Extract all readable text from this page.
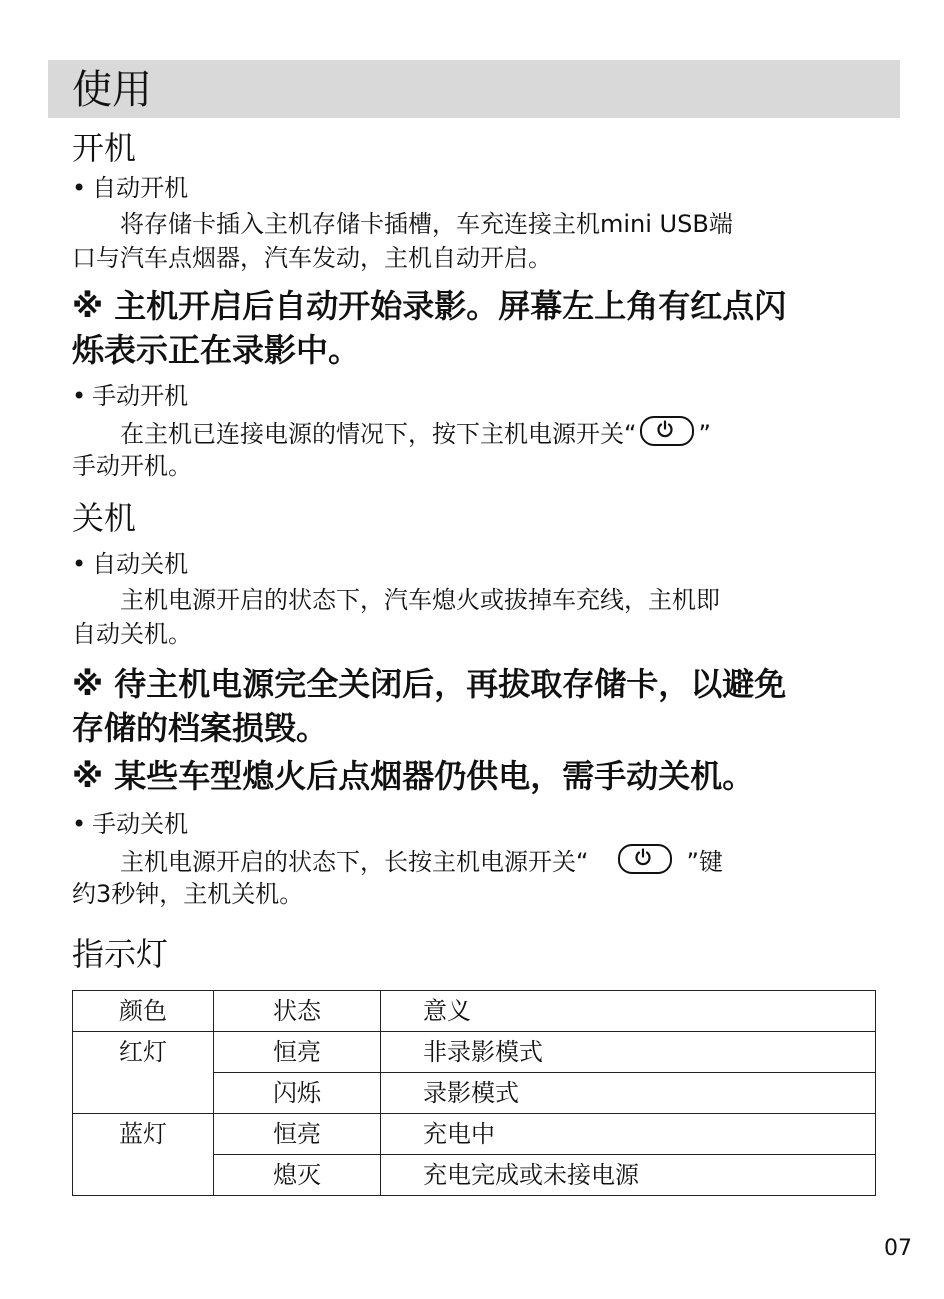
使用
开机
• 自动开机
将存储卡插入主机存储卡插槽，车充连接主机mini USB端
口与汽车点烟器，汽车发动，主机自动开启。
※ 主机开启后自动开始录影。屏幕左上角有红点闪
烁表示正在录影中。
• 手动开机
在主机已连接电源的情况下，按下主机电源开关“	”
手动开机。
关机
• 自动关机
主机电源开启的状态下，汽车熄火或拔掉车充线，主机即
自动关机。
※ 待主机电源完全关闭后，再拔取存储卡，以避免
存储的档案损毁。
※ 某些车型熄火后点烟器仍供电，需手动关机。
• 手动关机
主机电源开启的状态下，长按主机电源开关“	”键
约3秒钟，主机关机。
指示灯
颜色	状态	意义
红灯	恒亮	非录影模式
	闪烁	录影模式
蓝灯	恒亮	充电中
	熄灭	充电完成或未接电源
07
